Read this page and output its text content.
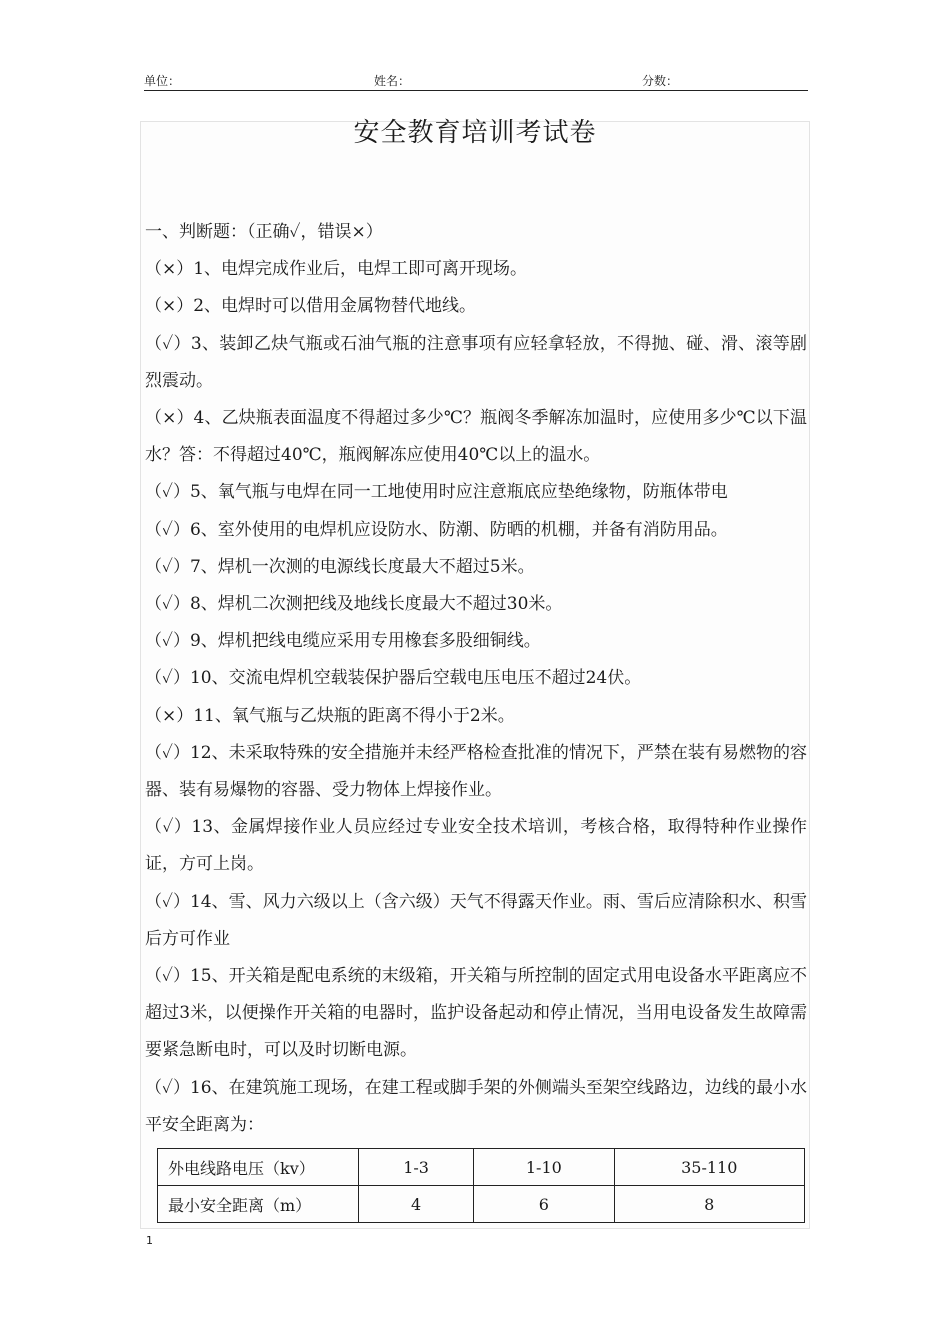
单位：	姓名：	分数：
安全教育培训考试卷

一、判断题：（正确✓，错误×）

（×）1、电焊完成作业后，电焊工即可离开现场。

（×）2、电焊时可以借用金属物替代地线。

（✓）3、装卸乙炔气瓶或石油气瓶的注意事项有应轻拿轻放，不得抛、碰、滑、滚等剧烈震动。

（×）4、乙炔瓶表面温度不得超过多少℃？瓶阀冬季解冻加温时，应使用多少℃以下温水？答：不得超过40℃，瓶阀解冻应使用40℃以上的温水。

（✓）5、氧气瓶与电焊在同一工地使用时应注意瓶底应垫绝缘物，防瓶体带电

（✓）6、室外使用的电焊机应设防水、防潮、防晒的机棚，并备有消防用品。

（✓）7、焊机一次测的电源线长度最大不超过5米。

（✓）8、焊机二次测把线及地线长度最大不超过30米。

（✓）9、焊机把线电缆应采用专用橡套多股细铜线。

（✓）10、交流电焊机空载装保护器后空载电压电压不超过24伏。

（×）11、氧气瓶与乙炔瓶的距离不得小于2米。

（✓）12、未采取特殊的安全措施并未经严格检查批准的情况下，严禁在装有易燃物的容器、装有易爆物的容器、受力物体上焊接作业。

（✓）13、金属焊接作业人员应经过专业安全技术培训，考核合格，取得特种作业操作证，方可上岗。

（✓）14、雪、风力六级以上（含六级）天气不得露天作业。雨、雪后应清除积水、积雪后方可作业

（✓）15、开关箱是配电系统的末级箱，开关箱与所控制的固定式用电设备水平距离应不超过3米，以便操作开关箱的电器时，监护设备起动和停止情况，当用电设备发生故障需要紧急断电时，可以及时切断电源。

（✓）16、在建筑施工现场，在建工程或脚手架的外侧端头至架空线路边，边线的最小水平安全距离为：

外电线路电压（kv）	1-3	1-10	35-110
最小安全距离（m）	4	6	8
1
